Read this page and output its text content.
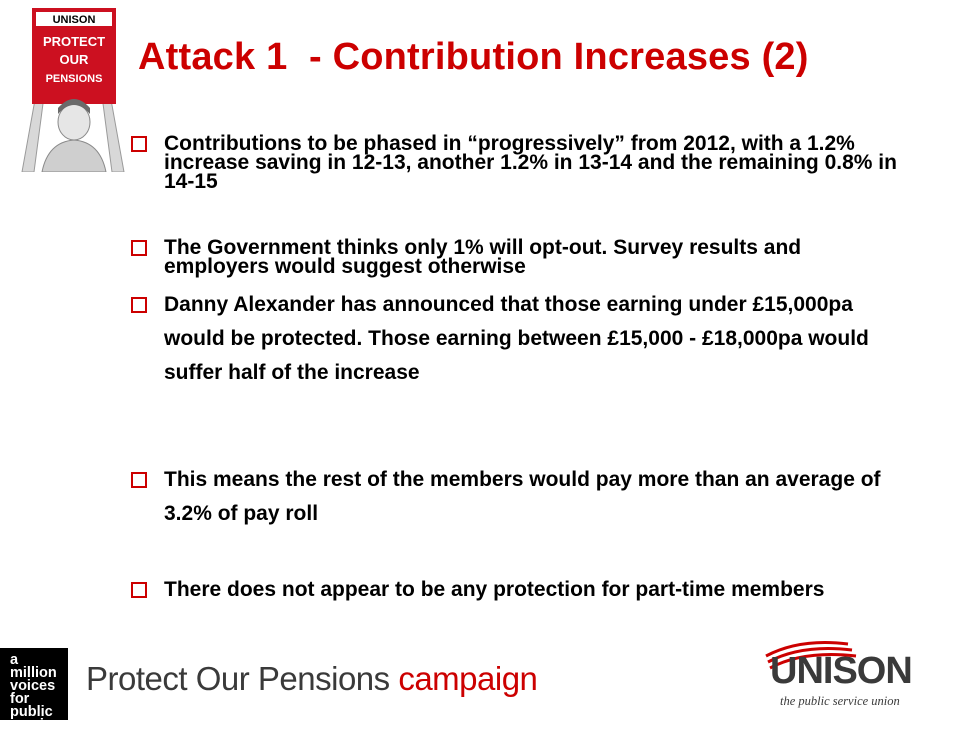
UNISON
PROTECT
OUR
PENSIONS
Attack 1  - Contribution Increases (2)
Contributions to be phased in “progressively” from 2012, with a 1.2% increase saving in 12-13, another 1.2% in 13-14 and the remaining 0.8% in 14-15
The Government thinks only 1% will opt-out. Survey results and employers would suggest otherwise
Danny Alexander has announced that those earning under £15,000pa would be protected. Those earning between £15,000 - £18,000pa would suffer half of the increase
This means the rest of the members would pay more than an average of 3.2% of pay roll
There does not appear to be any protection for part-time members
a million
voices
for
public
services
Protect Our Pensions campaign	UNISON
the public service union
